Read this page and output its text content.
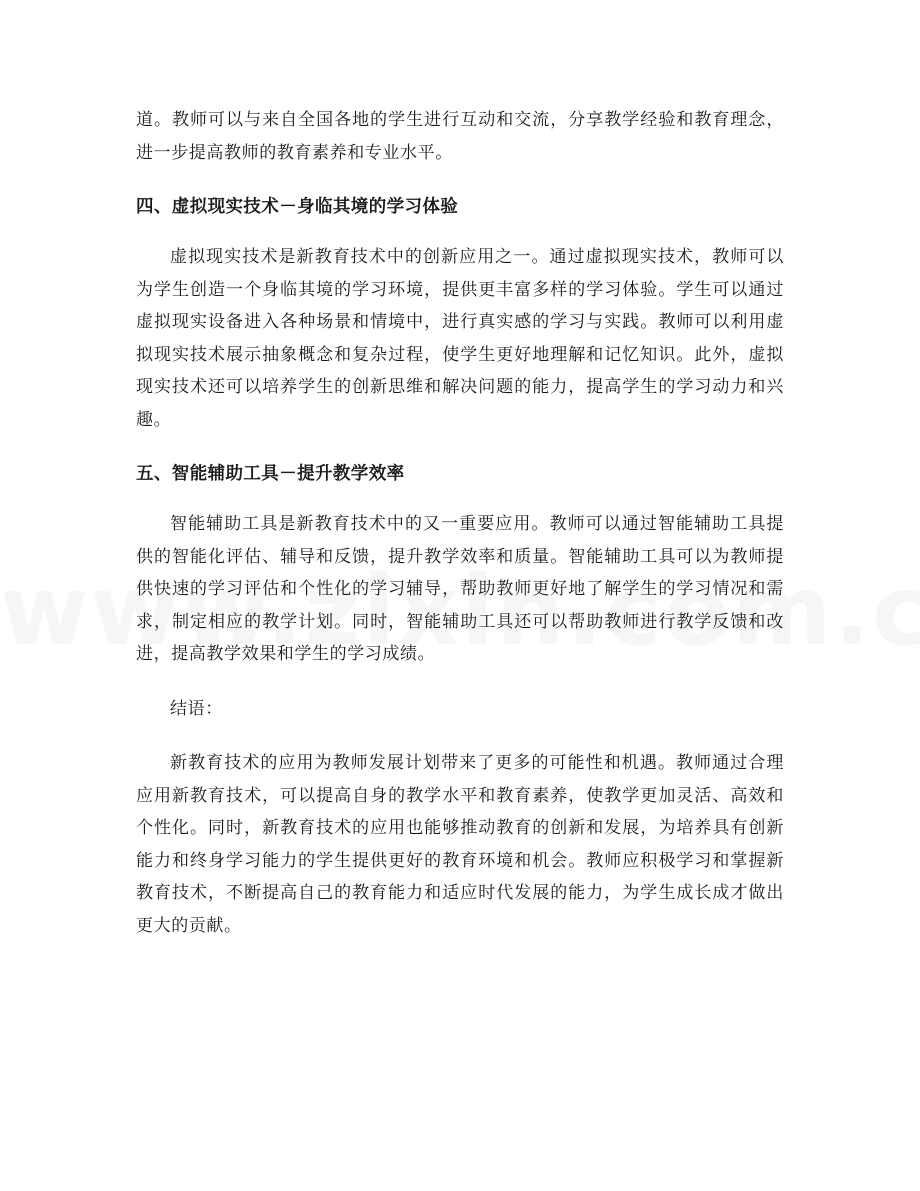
道。教师可以与来自全国各地的学生进行互动和交流，分享教学经验和教育理念，进一步提高教师的教育素养和专业水平。

四、虚拟现实技术－身临其境的学习体验

虚拟现实技术是新教育技术中的创新应用之一。通过虚拟现实技术，教师可以为学生创造一个身临其境的学习环境，提供更丰富多样的学习体验。学生可以通过虚拟现实设备进入各种场景和情境中，进行真实感的学习与实践。教师可以利用虚拟现实技术展示抽象概念和复杂过程，使学生更好地理解和记忆知识。此外，虚拟现实技术还可以培养学生的创新思维和解决问题的能力，提高学生的学习动力和兴趣。

五、智能辅助工具－提升教学效率

智能辅助工具是新教育技术中的又一重要应用。教师可以通过智能辅助工具提供的智能化评估、辅导和反馈，提升教学效率和质量。智能辅助工具可以为教师提供快速的学习评估和个性化的学习辅导，帮助教师更好地了解学生的学习情况和需求，制定相应的教学计划。同时，智能辅助工具还可以帮助教师进行教学反馈和改进，提高教学效果和学生的学习成绩。

结语：

新教育技术的应用为教师发展计划带来了更多的可能性和机遇。教师通过合理应用新教育技术，可以提高自身的教学水平和教育素养，使教学更加灵活、高效和个性化。同时，新教育技术的应用也能够推动教育的创新和发展，为培养具有创新能力和终身学习能力的学生提供更好的教育环境和机会。教师应积极学习和掌握新教育技术，不断提高自己的教育能力和适应时代发展的能力，为学生成长成才做出更大的贡献。
